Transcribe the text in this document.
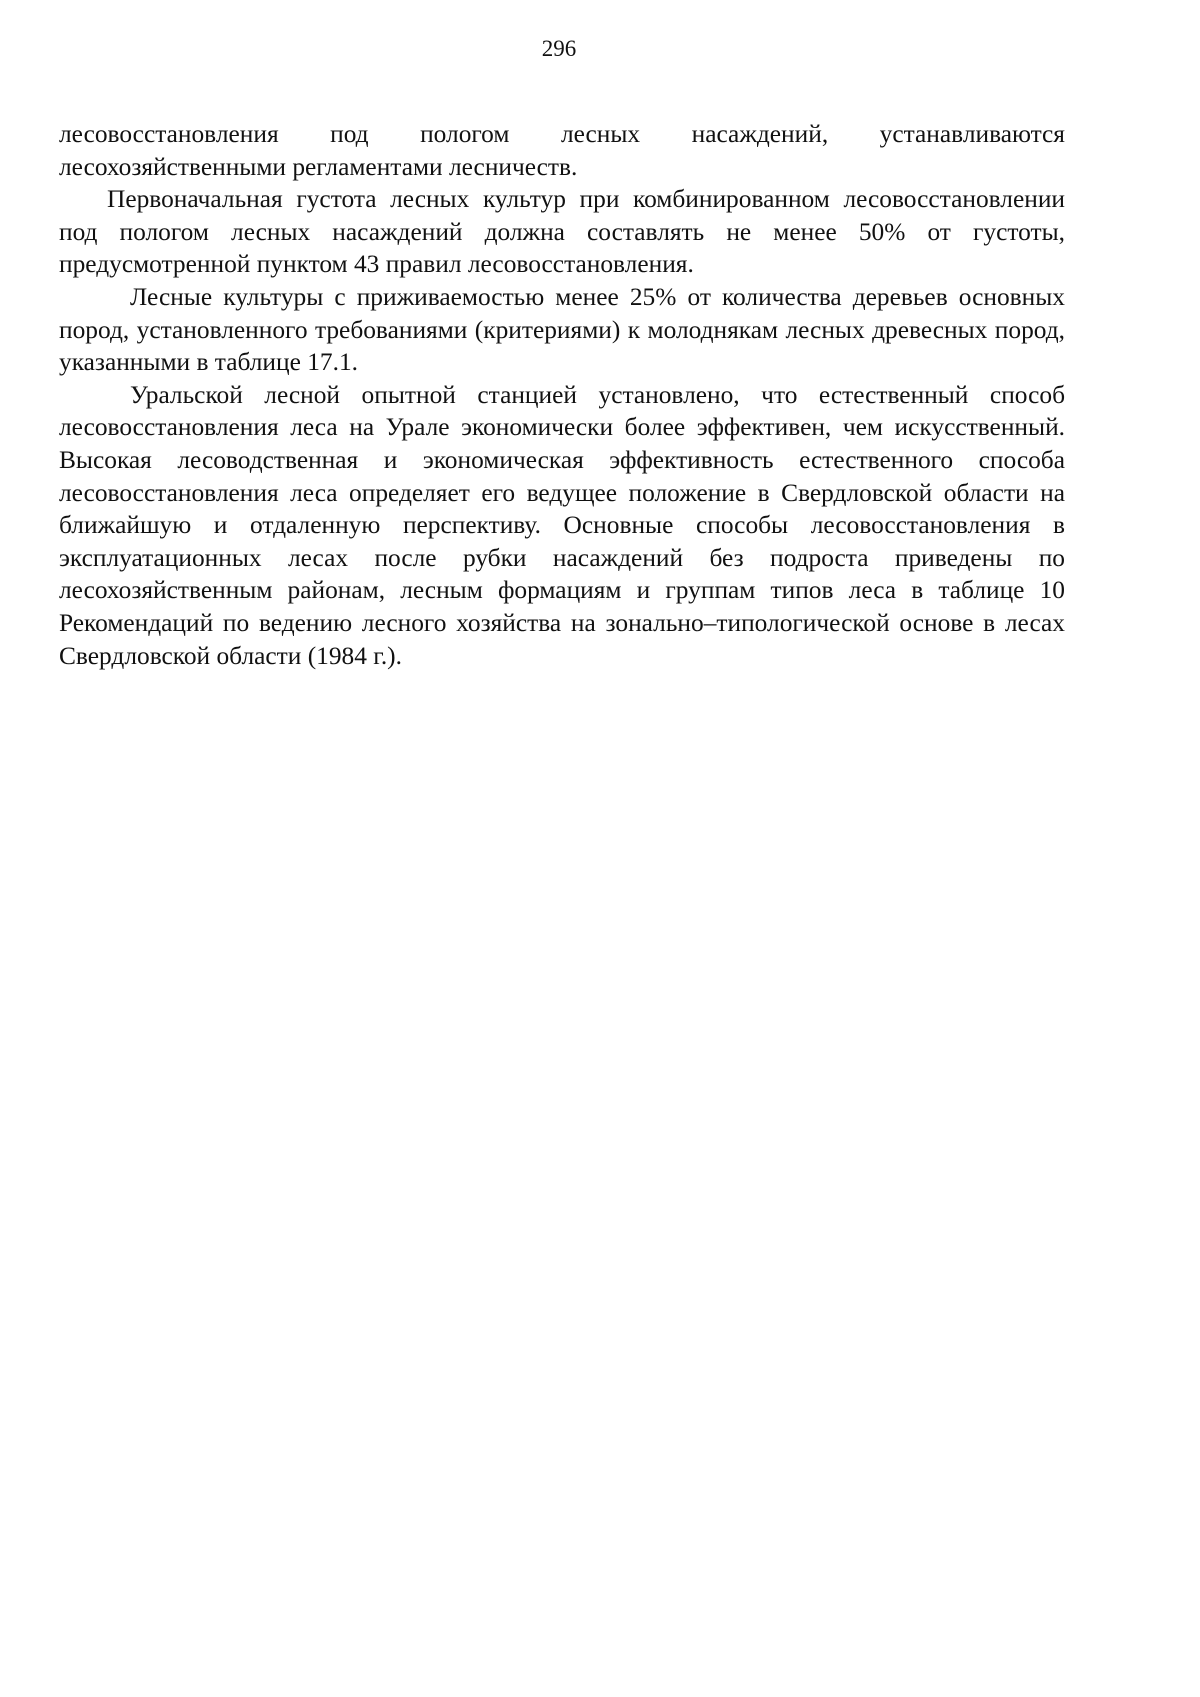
296

лесовосстановления под пологом лесных насаждений, устанавливаются лесохозяйственными регламентами лесничеств.

Первоначальная густота лесных культур при комбинированном лесовосстановлении под пологом лесных насаждений должна составлять не менее 50% от густоты, предусмотренной пунктом 43 правил лесовосстановления.

Лесные культуры с приживаемостью менее 25% от количества деревьев основных пород, установленного требованиями (критериями) к молоднякам лесных древесных пород, указанными в таблице 17.1.

Уральской лесной опытной станцией установлено, что естественный способ лесовосстановления леса на Урале экономически более эффективен, чем искусственный. Высокая лесоводственная и экономическая эффективность естественного способа лесовосстановления леса определяет его ведущее положение в Свердловской области на ближайшую и отдаленную перспективу. Основные способы лесовосстановления в эксплуатационных лесах после рубки насаждений без подроста приведены по лесохозяйственным районам, лесным формациям и группам типов леса в таблице 10 Рекомендаций по ведению лесного хозяйства на зонально–типологической основе в лесах Свердловской области (1984 г.).
